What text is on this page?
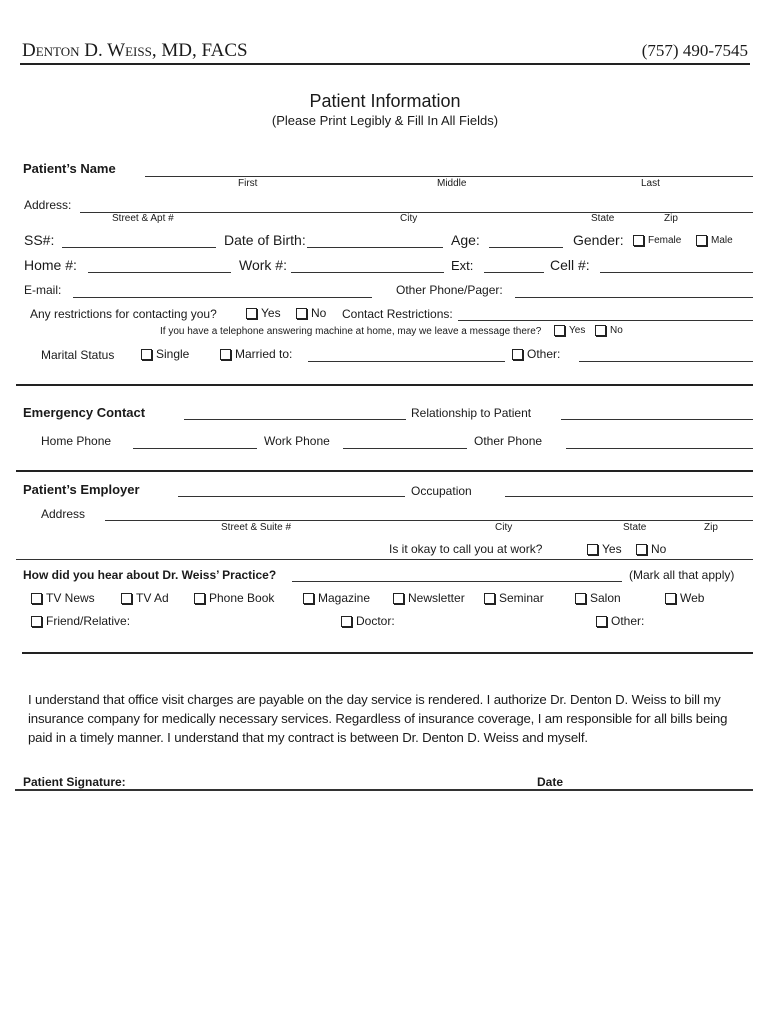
Denton D. Weiss, MD, FACS	(757) 490-7545
Patient Information
(Please Print Legibly & Fill In All Fields)
Patient’s Name
First	Middle	Last
Address:
Street & Apt #	City	State	Zip
SS#:	Date of Birth:	Age:	Gender: Female	Male
Home #:	Work #:	Ext:	Cell #:
E-mail:	Other Phone/Pager:
Any restrictions for contacting you?	Yes	No Contact Restrictions:
If you have a telephone answering machine at home, may we leave a message there?	Yes No
Marital Status	Single	Married to:	Other:
Emergency Contact	Relationship to Patient
Home Phone	Work Phone	Other Phone
Patient’s Employer	Occupation
Address
Street & Suite #	City	State	Zip
Is it okay to call you at work?	Yes No
How did you hear about Dr. Weiss’ Practice?	(Mark all that apply)
TV News	TV Ad	Phone Book	Magazine	Newsletter	Seminar	Salon	Web
Friend/Relative:	Doctor:	Other:
I understand that office visit charges are payable on the day service is rendered. I authorize Dr. Denton D. Weiss to bill my insurance company for medically necessary services. Regardless of insurance coverage, I am responsible for all bills being paid in a timely manner. I understand that my contract is between Dr. Denton D. Weiss and myself.
Patient Signature:	Date
